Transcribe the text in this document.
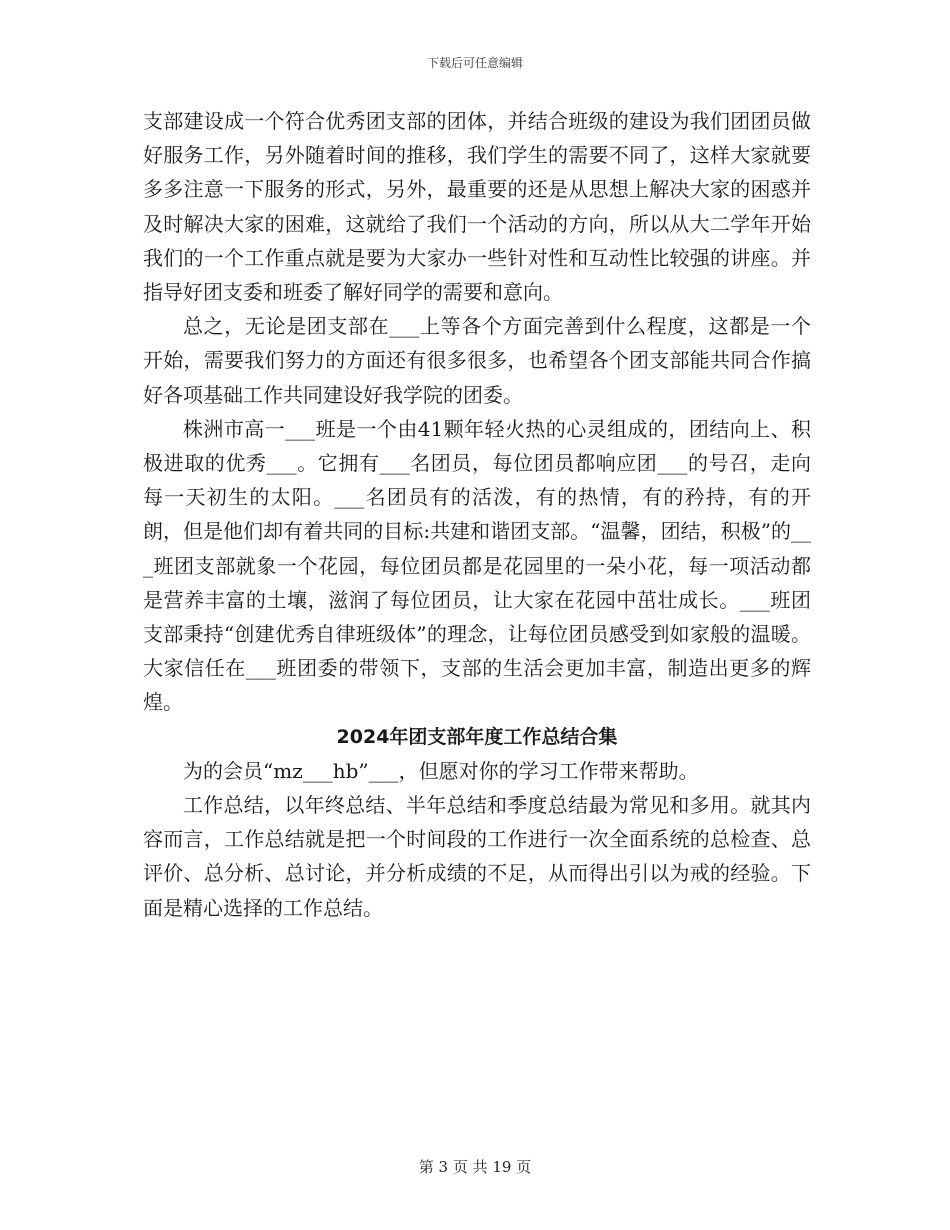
下载后可任意编辑

支部建设成一个符合优秀团支部的团体，并结合班级的建设为我们团团员做好服务工作，另外随着时间的推移，我们学生的需要不同了，这样大家就要多多注意一下服务的形式，另外，最重要的还是从思想上解决大家的困惑并及时解决大家的困难，这就给了我们一个活动的方向，所以从大二学年开始我们的一个工作重点就是要为大家办一些针对性和互动性比较强的讲座。并指导好团支委和班委了解好同学的需要和意向。

总之，无论是团支部在___上等各个方面完善到什么程度，这都是一个开始，需要我们努力的方面还有很多很多，也希望各个团支部能共同合作搞好各项基础工作共同建设好我学院的团委。

株洲市高一___班是一个由41颗年轻火热的心灵组成的，团结向上、积极进取的优秀___。它拥有___名团员，每位团员都响应团___的号召，走向每一天初生的太阳。___名团员有的活泼，有的热情，有的矜持，有的开朗，但是他们却有着共同的目标:共建和谐团支部。“温馨，团结，积极”的___班团支部就象一个花园，每位团员都是花园里的一朵小花，每一项活动都是营养丰富的土壤，滋润了每位团员，让大家在花园中茁壮成长。___班团支部秉持“创建优秀自律班级体”的理念，让每位团员感受到如家般的温暖。大家信任在___班团委的带领下，支部的生活会更加丰富，制造出更多的辉煌。

2024年团支部年度工作总结合集

为的会员“mz___hb”___，但愿对你的学习工作带来帮助。

工作总结，以年终总结、半年总结和季度总结最为常见和多用。就其内容而言，工作总结就是把一个时间段的工作进行一次全面系统的总检查、总评价、总分析、总讨论，并分析成绩的不足，从而得出引以为戒的经验。下面是精心选择的工作总结。

第 3 页 共 19 页
